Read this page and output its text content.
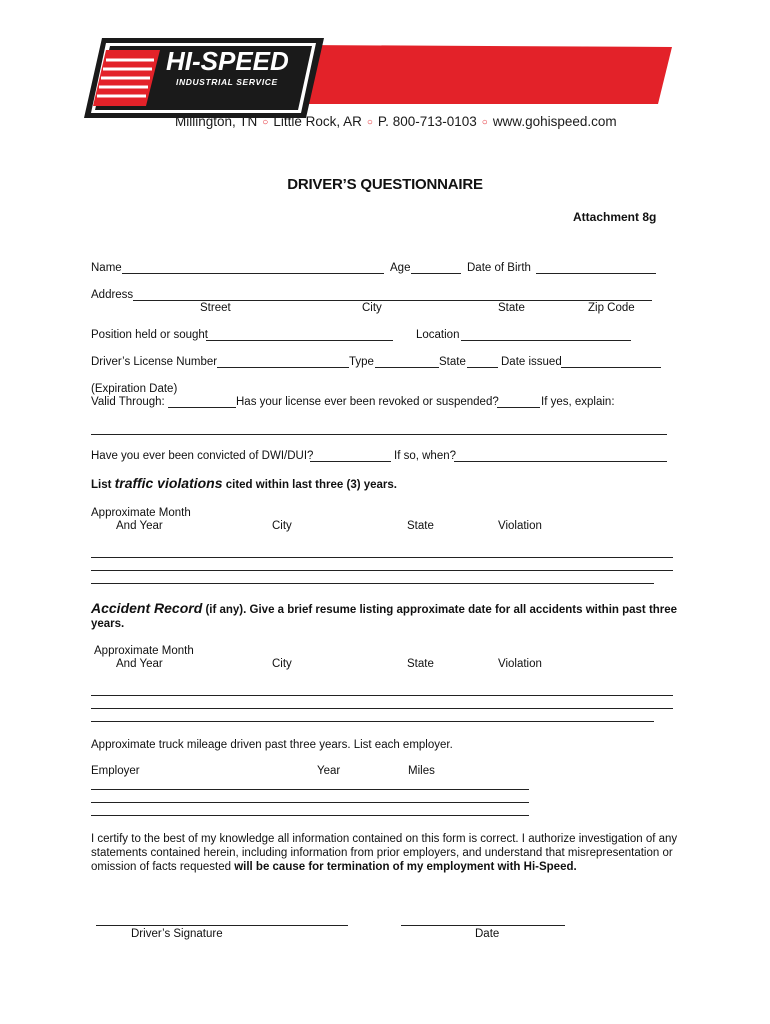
HI-SPEED
INDUSTRIAL SERVICE
Millington, TN ○ Little Rock, AR ○ P. 800-713-0103 ○ www.gohispeed.com
DRIVER’S QUESTIONNAIRE
Attachment 8g
Name	Age	Date of Birth
Address
Street	City	State	Zip Code
Position held or sought	Location
Driver’s License Number	Type	State	Date issued
(Expiration Date)
Valid Through:	Has your license ever been revoked or suspended?	If yes, explain:
Have you ever been convicted of DWI/DUI?	If so, when?
List traffic violations cited within last three (3) years.
Approximate Month
And Year	City	State	Violation
Accident Record (if any). Give a brief resume listing approximate date for all accidents within past three
years.
Approximate Month
And Year	City	State	Violation
Approximate truck mileage driven past three years. List each employer.
Employer	Year	Miles
I certify to the best of my knowledge all information contained on this form is correct. I authorize investigation of any
statements contained herein, including information from prior employers, and understand that misrepresentation or
omission of facts requested will be cause for termination of my employment with Hi-Speed.
Driver’s Signature	Date
